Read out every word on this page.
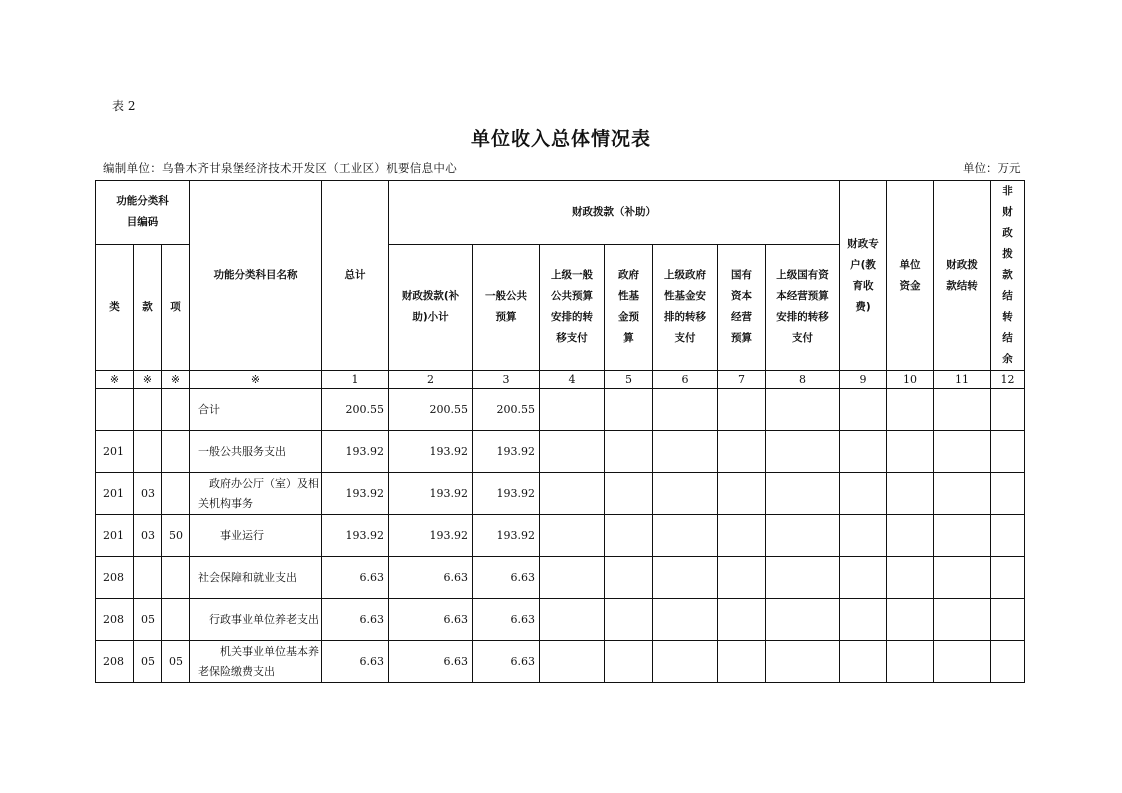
表 2
单位收入总体情况表
编制单位：乌鲁木齐甘泉堡经济技术开发区（工业区）机要信息中心	单位：万元
功能分类科目编码			功能分类科目名称	总计	财政拨款（补助）							财政专户(教育收费)	单位资金	财政拨款结转	非财政拨款结转结余
类	款	项			财政拨款(补助)小计	一般公共预算	上级一般公共预算安排的转移支付	政府性基金预算	上级政府性基金安排的转移支付	国有资本经营预算	上级国有资本经营预算安排的转移支付				
※	※	※	※	1	2	3	4	5	6	7	8	9	10	11	12
			合计	200.55	200.55	200.55									
201			一般公共服务支出	193.92	193.92	193.92									
201	03		　政府办公厅（室）及相关机构事务	193.92	193.92	193.92									
201	03	50	　　事业运行	193.92	193.92	193.92									
208			社会保障和就业支出	6.63	6.63	6.63									
208	05		　行政事业单位养老支出	6.63	6.63	6.63									
208	05	05	　　机关事业单位基本养老保险缴费支出	6.63	6.63	6.63									
